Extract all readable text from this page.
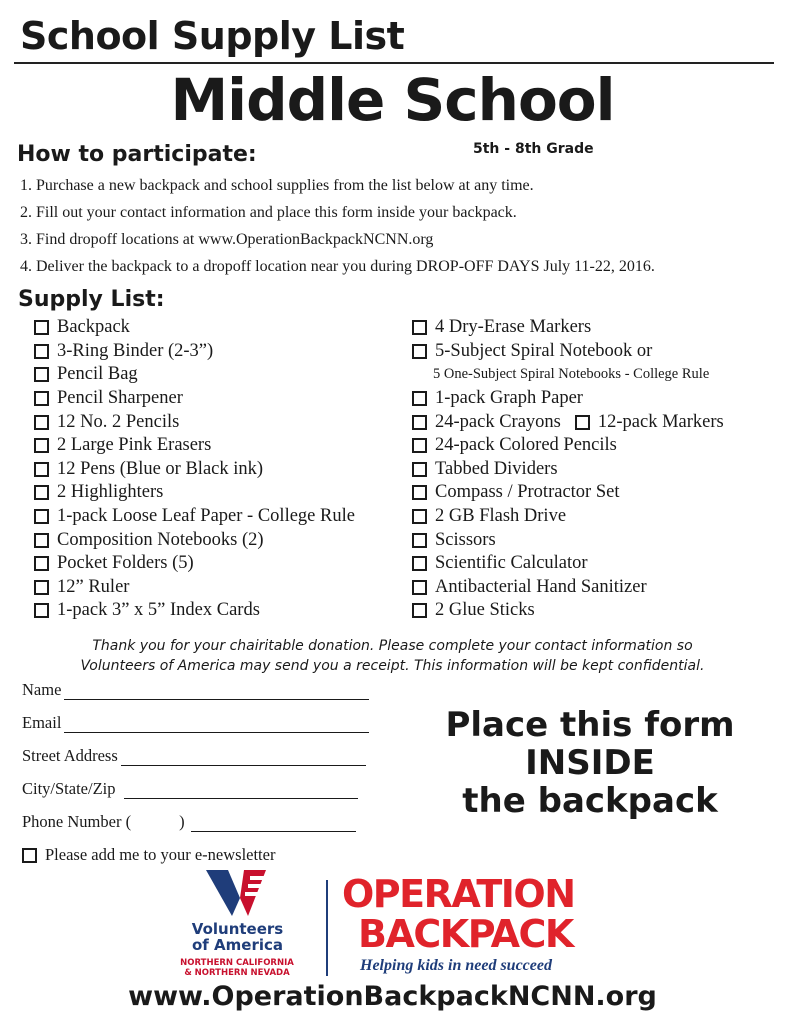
School Supply List
Middle School
5th - 8th Grade
How to participate:
1. Purchase a new backpack and school supplies from the list below at any time.
2. Fill out your contact information and place this form inside your backpack.
3. Find dropoff locations at www.OperationBackpackNCNN.org
4. Deliver the backpack to a dropoff location near you during DROP-OFF DAYS July 11-22, 2016.
Supply List:
Backpack
3-Ring Binder (2-3”)
Pencil Bag
Pencil Sharpener
12 No. 2 Pencils
2 Large Pink Erasers
12 Pens (Blue or Black ink)
2 Highlighters
1-pack Loose Leaf Paper - College Rule
Composition Notebooks (2)
Pocket Folders (5)
12” Ruler
1-pack 3” x 5” Index Cards
4 Dry-Erase Markers
5-Subject Spiral Notebook or
5 One-Subject Spiral Notebooks - College Rule
1-pack Graph Paper
24-pack Crayons 12-pack Markers
24-pack Colored Pencils
Tabbed Dividers
Compass / Protractor Set
2 GB Flash Drive
Scissors
Scientific Calculator
Antibacterial Hand Sanitizer
2 Glue Sticks
Thank you for your chairitable donation. Please complete your contact information so
Volunteers of America may send you a receipt. This information will be kept confidential.
Name
Email
Street Address
City/State/Zip
Phone Number (	)
Please add me to your e-newsletter
Place this form
INSIDE
the backpack
Volunteers
of America
NORTHERN CALIFORNIA
& NORTHERN NEVADA
OPERATION
BACKPACK
Helping kids in need succeed
www.OperationBackpackNCNN.org
